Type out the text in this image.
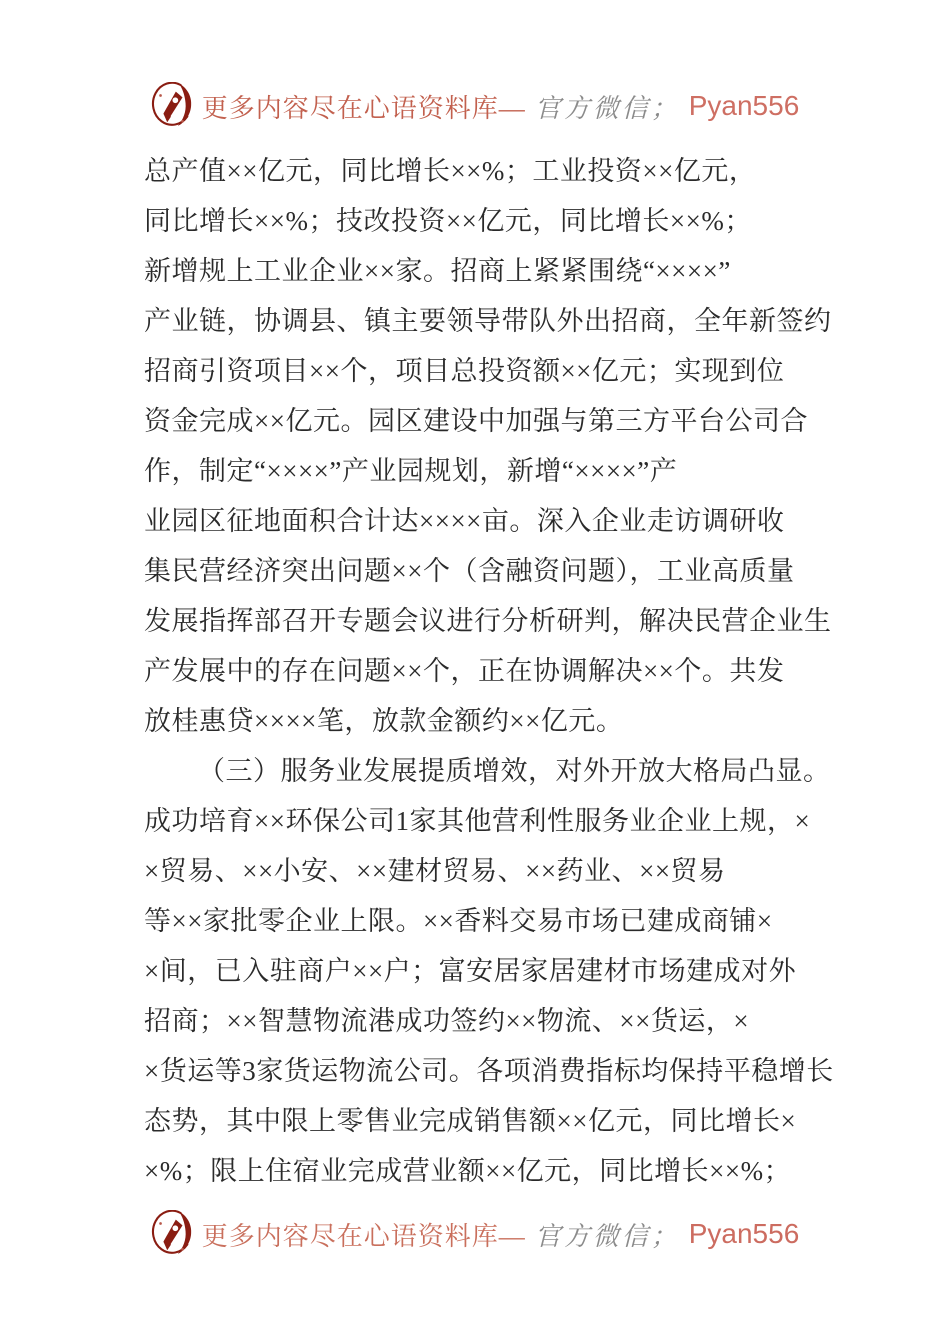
更多内容尽在心语资料库— 官方微信； Pyan556
总产值××亿元，同比增长××%；工业投资××亿元，
同比增长××%；技改投资××亿元，同比增长××%；
新增规上工业企业××家。招商上紧紧围绕“××××”
产业链，协调县、镇主要领导带队外出招商，全年新签约
招商引资项目××个，项目总投资额××亿元；实现到位
资金完成××亿元。园区建设中加强与第三方平台公司合
作，制定“××××”产业园规划，新增“××××”产
业园区征地面积合计达××××亩。深入企业走访调研收
集民营经济突出问题××个（含融资问题），工业高质量
发展指挥部召开专题会议进行分析研判，解决民营企业生
产发展中的存在问题××个，正在协调解决××个。共发
放桂惠贷××××笔，放款金额约××亿元。
（三）服务业发展提质增效，对外开放大格局凸显。
成功培育××环保公司1家其他营利性服务业企业上规，×
×贸易、××小安、××建材贸易、××药业、××贸易
等××家批零企业上限。××香料交易市场已建成商铺×
×间，已入驻商户××户；富安居家居建材市场建成对外
招商；××智慧物流港成功签约××物流、××货运，×
×货运等3家货运物流公司。各项消费指标均保持平稳增长
态势，其中限上零售业完成销售额××亿元，同比增长×
×%；限上住宿业完成营业额××亿元，同比增长××%；
更多内容尽在心语资料库— 官方微信； Pyan556
